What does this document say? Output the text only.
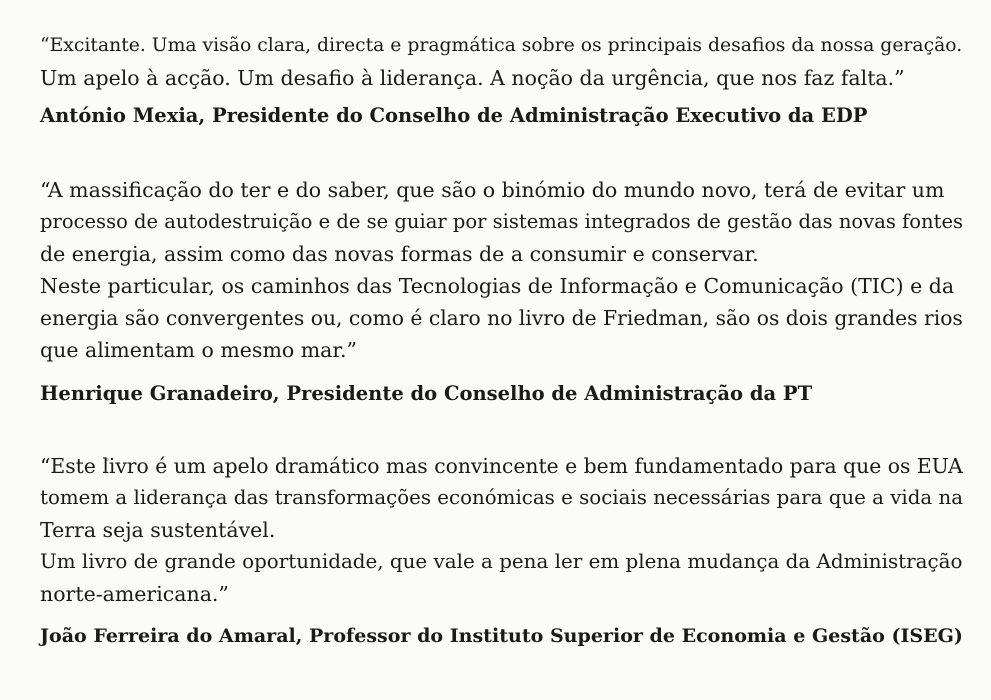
“Excitante. Uma visão clara, directa e pragmática sobre os principais desafios da nossa geração.
Um apelo à acção. Um desafio à liderança. A noção da urgência, que nos faz falta.”

António Mexia, Presidente do Conselho de Administração Executivo da EDP

“A massificação do ter e do saber, que são o binómio do mundo novo, terá de evitar um
processo de autodestruição e de se guiar por sistemas integrados de gestão das novas fontes
de energia, assim como das novas formas de a consumir e conservar.
Neste particular, os caminhos das Tecnologias de Informação e Comunicação (TIC) e da
energia são convergentes ou, como é claro no livro de Friedman, são os dois grandes rios
que alimentam o mesmo mar.”

Henrique Granadeiro, Presidente do Conselho de Administração da PT

“Este livro é um apelo dramático mas convincente e bem fundamentado para que os EUA
tomem a liderança das transformações económicas e sociais necessárias para que a vida na
Terra seja sustentável.
Um livro de grande oportunidade, que vale a pena ler em plena mudança da Administração
norte-americana.”

João Ferreira do Amaral, Professor do Instituto Superior de Economia e Gestão (ISEG)
